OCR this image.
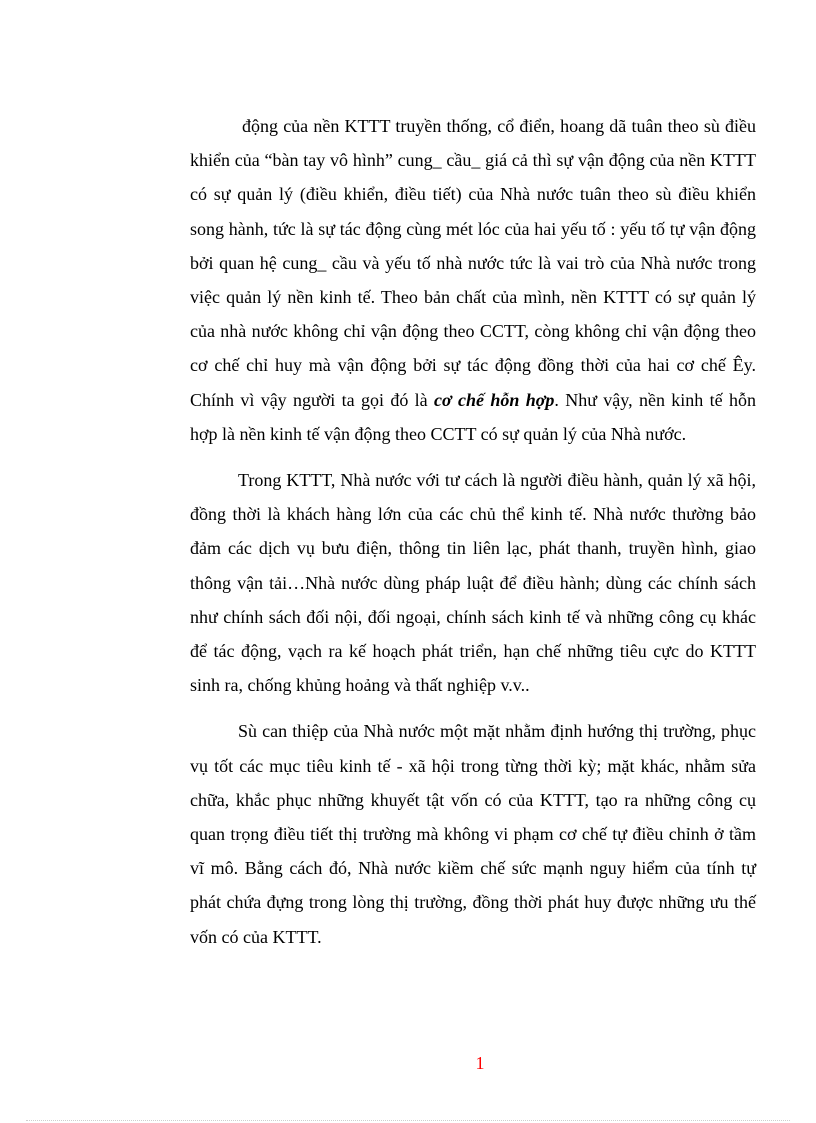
động của nền KTTT truyền thống, cổ điển, hoang dã tuân theo sù điều khiển của “bàn tay vô hình” cung_ cầu_ giá cả thì sự vận động của nền KTTT có sự quản lý (điều khiển, điều tiết) của Nhà nước tuân theo sù điều khiển song hành, tức là sự tác động cùng mét lóc của hai yếu tố : yếu tố tự vận động bởi quan hệ cung_ cầu và yếu tố nhà nước tức là vai trò của Nhà nước trong việc quản lý nền kinh tế. Theo bản chất của mình, nền KTTT có sự quản lý của nhà nước không chỉ vận động theo CCTT, còng không chỉ vận động theo cơ chế chỉ huy mà vận động bởi sự tác động đồng thời của hai cơ chế Êy. Chính vì vậy người ta gọi đó là cơ chế hỗn hợp. Như vậy, nền kinh tế hỗn hợp là nền kinh tế vận động theo CCTT có sự quản lý của Nhà nước.

Trong KTTT, Nhà nước với tư cách là người điều hành, quản lý xã hội, đồng thời là khách hàng lớn của các chủ thể kinh tế. Nhà nước thường bảo đảm các dịch vụ bưu điện, thông tin liên lạc, phát thanh, truyền hình, giao thông vận tải…Nhà nước dùng pháp luật để điều hành; dùng các chính sách như chính sách đối nội, đối ngoại, chính sách kinh tế và những công cụ khác để tác động, vạch ra kế hoạch phát triển, hạn chế những tiêu cực do KTTT sinh ra, chống khủng hoảng và thất nghiệp v.v..

Sù can thiệp của Nhà nước một mặt nhằm định hướng thị trường, phục vụ tốt các mục tiêu kinh tế - xã hội trong từng thời kỳ; mặt khác, nhằm sửa chữa, khắc phục những khuyết tật vốn có của KTTT, tạo ra những công cụ quan trọng điều tiết thị trường mà không vi phạm cơ chế tự điều chỉnh ở tầm vĩ mô. Bằng cách đó, Nhà nước kiềm chế sức mạnh nguy hiểm của tính tự phát chứa đựng trong lòng thị trường, đồng thời phát huy được những ưu thế vốn có của KTTT.

1
